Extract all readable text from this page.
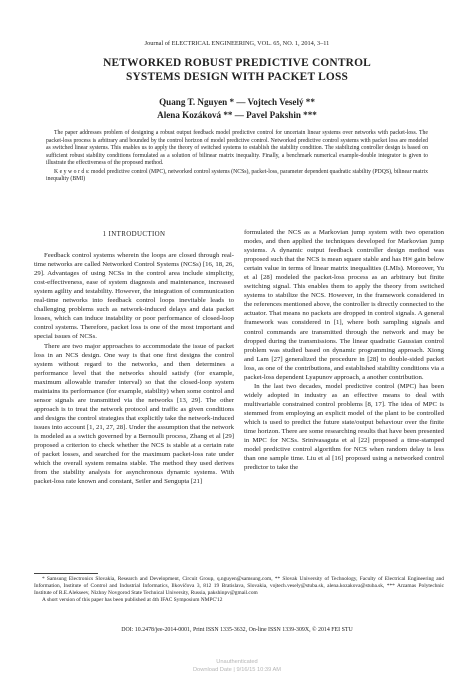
Journal of ELECTRICAL ENGINEERING, VOL. 65, NO. 1, 2014, 3–11
NETWORKED ROBUST PREDICTIVE CONTROL
SYSTEMS DESIGN WITH PACKET LOSS
Quang T. Nguyen * — Vojtech Veselý **
Alena Kozáková ** — Pavel Pakshin ***

The paper addresses problem of designing a robust output feedback model predictive control for uncertain linear systems over networks with packet-loss. The packet-loss process is arbitrary and bounded by the control horizon of model predictive control. Networked predictive control systems with packet loss are modeled as switched linear systems. This enables us to apply the theory of switched systems to establish the stability condition. The stabilizing controller design is based on sufficient robust stability conditions formulated as a solution of bilinear matrix inequality. Finally, a benchmark numerical example-double integrator is given to illustrate the effectiveness of the proposed method.

K e y w o r d s: model predictive control (MPC), networked control systems (NCSs), packet-loss, parameter dependent quadratic stability (PDQS), bilinear matrix inequality (BMI)

1 INTRODUCTION

Feedback control systems wherein the loops are closed through real-time networks are called Networked Control Systems (NCSs) [16, 18, 26, 29]. Advantages of using NCSs in the control area include simplicity, cost-effectiveness, ease of system diagnosis and maintenance, increased system agility and testability. However, the integration of communication real-time networks into feedback control loops inevitable leads to challenging problems such as network-induced delays and data packet losses, which can induce instability or poor performance of closed-loop control systems. Therefore, packet loss is one of the most important and special issues of NCSs.

There are two major approaches to accommodate the issue of packet loss in an NCS design. One way is that one first designs the control system without regard to the networks, and then determines a performance level that the networks should satisfy (for example, maximum allowable transfer interval) so that the closed-loop system maintains its performance (for example, stability) when some control and sensor signals are transmitted via the networks [13, 29]. The other approach is to treat the network protocol and traffic as given conditions and designs the control strategies that explicitly take the network-induced issues into account [1, 21, 27, 28]. Under the assumption that the network is modeled as a switch governed by a Bernoulli process, Zhang et al [29] proposed a criterion to check whether the NCS is stable at a certain rate of packet losses, and searched for the maximum packet-loss rate under which the overall system remains stable. The method they used derives from the stability analysis for asynchronous dynamic systems. With packet-loss rate known and constant, Seiler and Sengupta [21]

formulated the NCS as a Markovian jump system with two operation modes, and then applied the techniques developed for Markovian jump systems. A dynamic output feedback controller design method was proposed such that the NCS is mean square stable and has H∞ gain below certain value in terms of linear matrix inequalities (LMIs). Moreover, Yu et al [28] modeled the packet-loss process as an arbitrary but finite switching signal. This enables them to apply the theory from switched systems to stabilize the NCS. However, in the framework considered in the references mentioned above, the controller is directly connected to the actuator. That means no packets are dropped in control signals. A general framework was considered in [1], where both sampling signals and control commands are transmitted through the network and may be dropped during the transmissions. The linear quadratic Gaussian control problem was studied based on dynamic programming approach. Xiong and Lam [27] generalized the procedure in [28] to double-sided packet loss, as one of the contributions, and established stability conditions via a packet-loss dependent Lyapunov approach, a another contribution.

In the last two decades, model predictive control (MPC) has been widely adopted in industry as an effective means to deal with multivariable constrained control problems [8, 17]. The idea of MPC is stemmed from employing an explicit model of the plant to be controlled which is used to predict the future state/output behaviour over the finite time horizon. There are some researching results that have been presented in MPC for NCSs. Srinivasaguta et al [22] proposed a time-stamped model predictive control algorithm for NCS when random delay is less than one sample time. Liu et al [16] proposed using a networked control predictor to take the

* Samsung Electronics Slovakia, Research and Development, Circuit Group, q.nguyen@samsung.com, ** Slovak University of Technology, Faculty of Electrical Engineering and Information, Institute of Control and Industrial Informatics, Ilkovičova 3, 812 19 Bratislava, Slovakia, vojtech.vesely@stuba.sk, alena.kozakova@stuba.sk, *** Arzamas Polytechnic Institute of R.E.Alekseev, Nizhny Novgorod State Technical University, Russia, pakshinpv@gmail.com

A short version of this paper has been published at 4th IFAC Symposium NMPC'12

DOI: 10.2478/jee-2014-0001, Print ISSN 1335-3632, On-line ISSN 1339-309X, © 2014 FEI STU
Unauthenticated
Download Date | 9/16/15 10:39 AM
